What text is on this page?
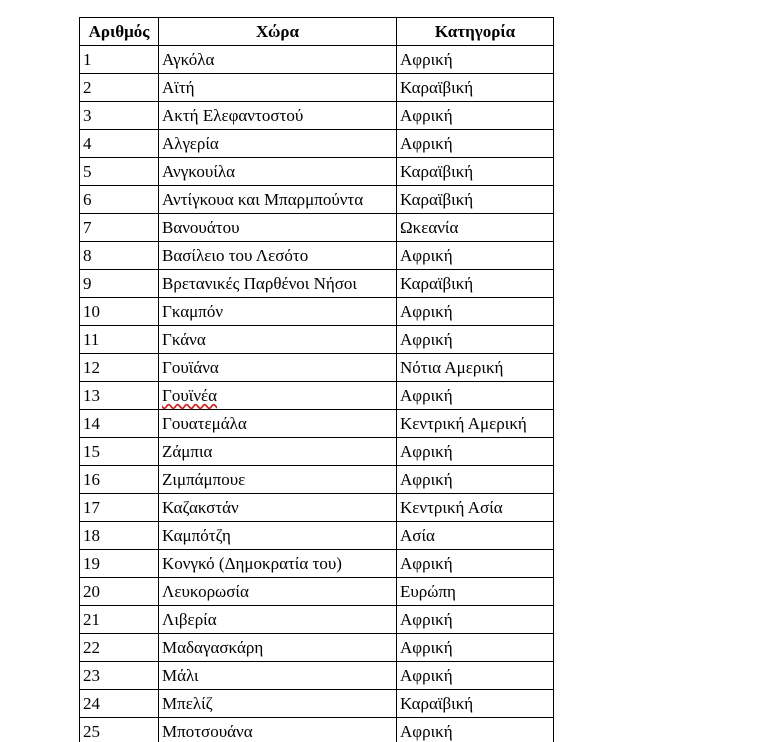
Αριθμός	Χώρα	Κατηγορία
1	Αγκόλα	Αφρική
2	Αϊτή	Καραϊβική
3	Ακτή Ελεφαντοστού	Αφρική
4	Αλγερία	Αφρική
5	Ανγκουίλα	Καραϊβική
6	Αντίγκουα και Μπαρμπούντα	Καραϊβική
7	Βανουάτου	Ωκεανία
8	Βασίλειο του Λεσότο	Αφρική
9	Βρετανικές Παρθένοι Νήσοι	Καραϊβική
10	Γκαμπόν	Αφρική
11	Γκάνα	Αφρική
12	Γουϊάνα	Νότια Αμερική
13	Γουϊνέα	Αφρική
14	Γουατεμάλα	Κεντρική Αμερική
15	Ζάμπια	Αφρική
16	Ζιμπάμπουε	Αφρική
17	Καζακστάν	Κεντρική Ασία
18	Καμπότζη	Ασία
19	Κονγκό (Δημοκρατία του)	Αφρική
20	Λευκορωσία	Ευρώπη
21	Λιβερία	Αφρική
22	Μαδαγασκάρη	Αφρική
23	Μάλι	Αφρική
24	Μπελίζ	Καραϊβική
25	Μποτσουάνα	Αφρική
